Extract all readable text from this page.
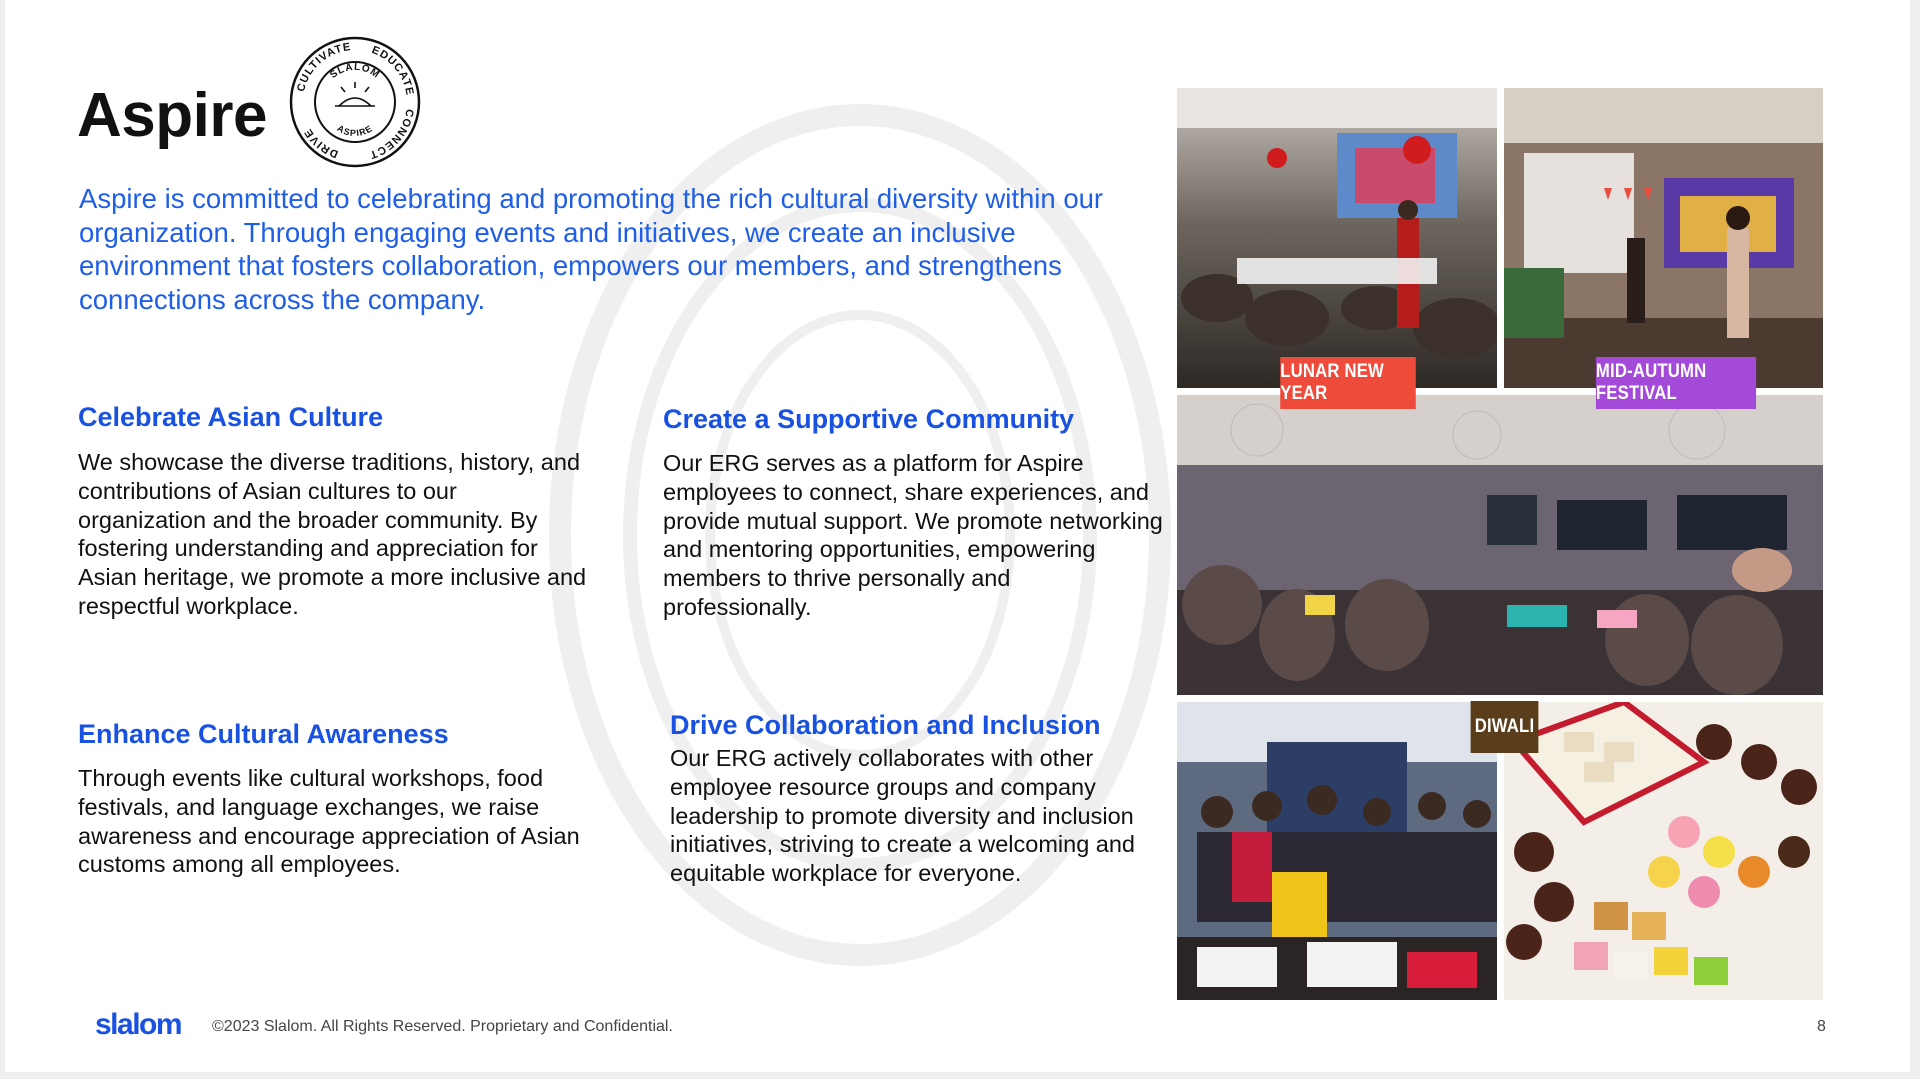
Aspire	CULTIVATE EDUCATE
CONNECT
DRIVE
SLALOM
ASPIRE
Aspire is committed to celebrating and promoting the rich cultural diversity within our organization. Through engaging events and initiatives, we create an inclusive environment that fosters collaboration, empowers our members, and strengthens connections across the company.
Celebrate Asian Culture
We showcase the diverse traditions, history, and contributions of Asian cultures to our organization and the broader community. By fostering understanding and appreciation for Asian heritage, we promote a more inclusive and respectful workplace.
Create a Supportive Community
Our ERG serves as a platform for Aspire employees to connect, share experiences, and provide mutual support. We promote networking and mentoring opportunities, empowering members to thrive personally and professionally.
Enhance Cultural Awareness
Through events like cultural workshops, food festivals, and language exchanges, we raise awareness and encourage appreciation of Asian customs among all employees.
Drive Collaboration and Inclusion
Our ERG actively collaborates with other employee resource groups and company leadership to promote diversity and inclusion initiatives, striving to create a welcoming and equitable workplace for everyone.
LUNAR NEW YEAR
MID-AUTUMN FESTIVAL
DIWALI
slalom ©2023 Slalom. All Rights Reserved. Proprietary and Confidential.	8
